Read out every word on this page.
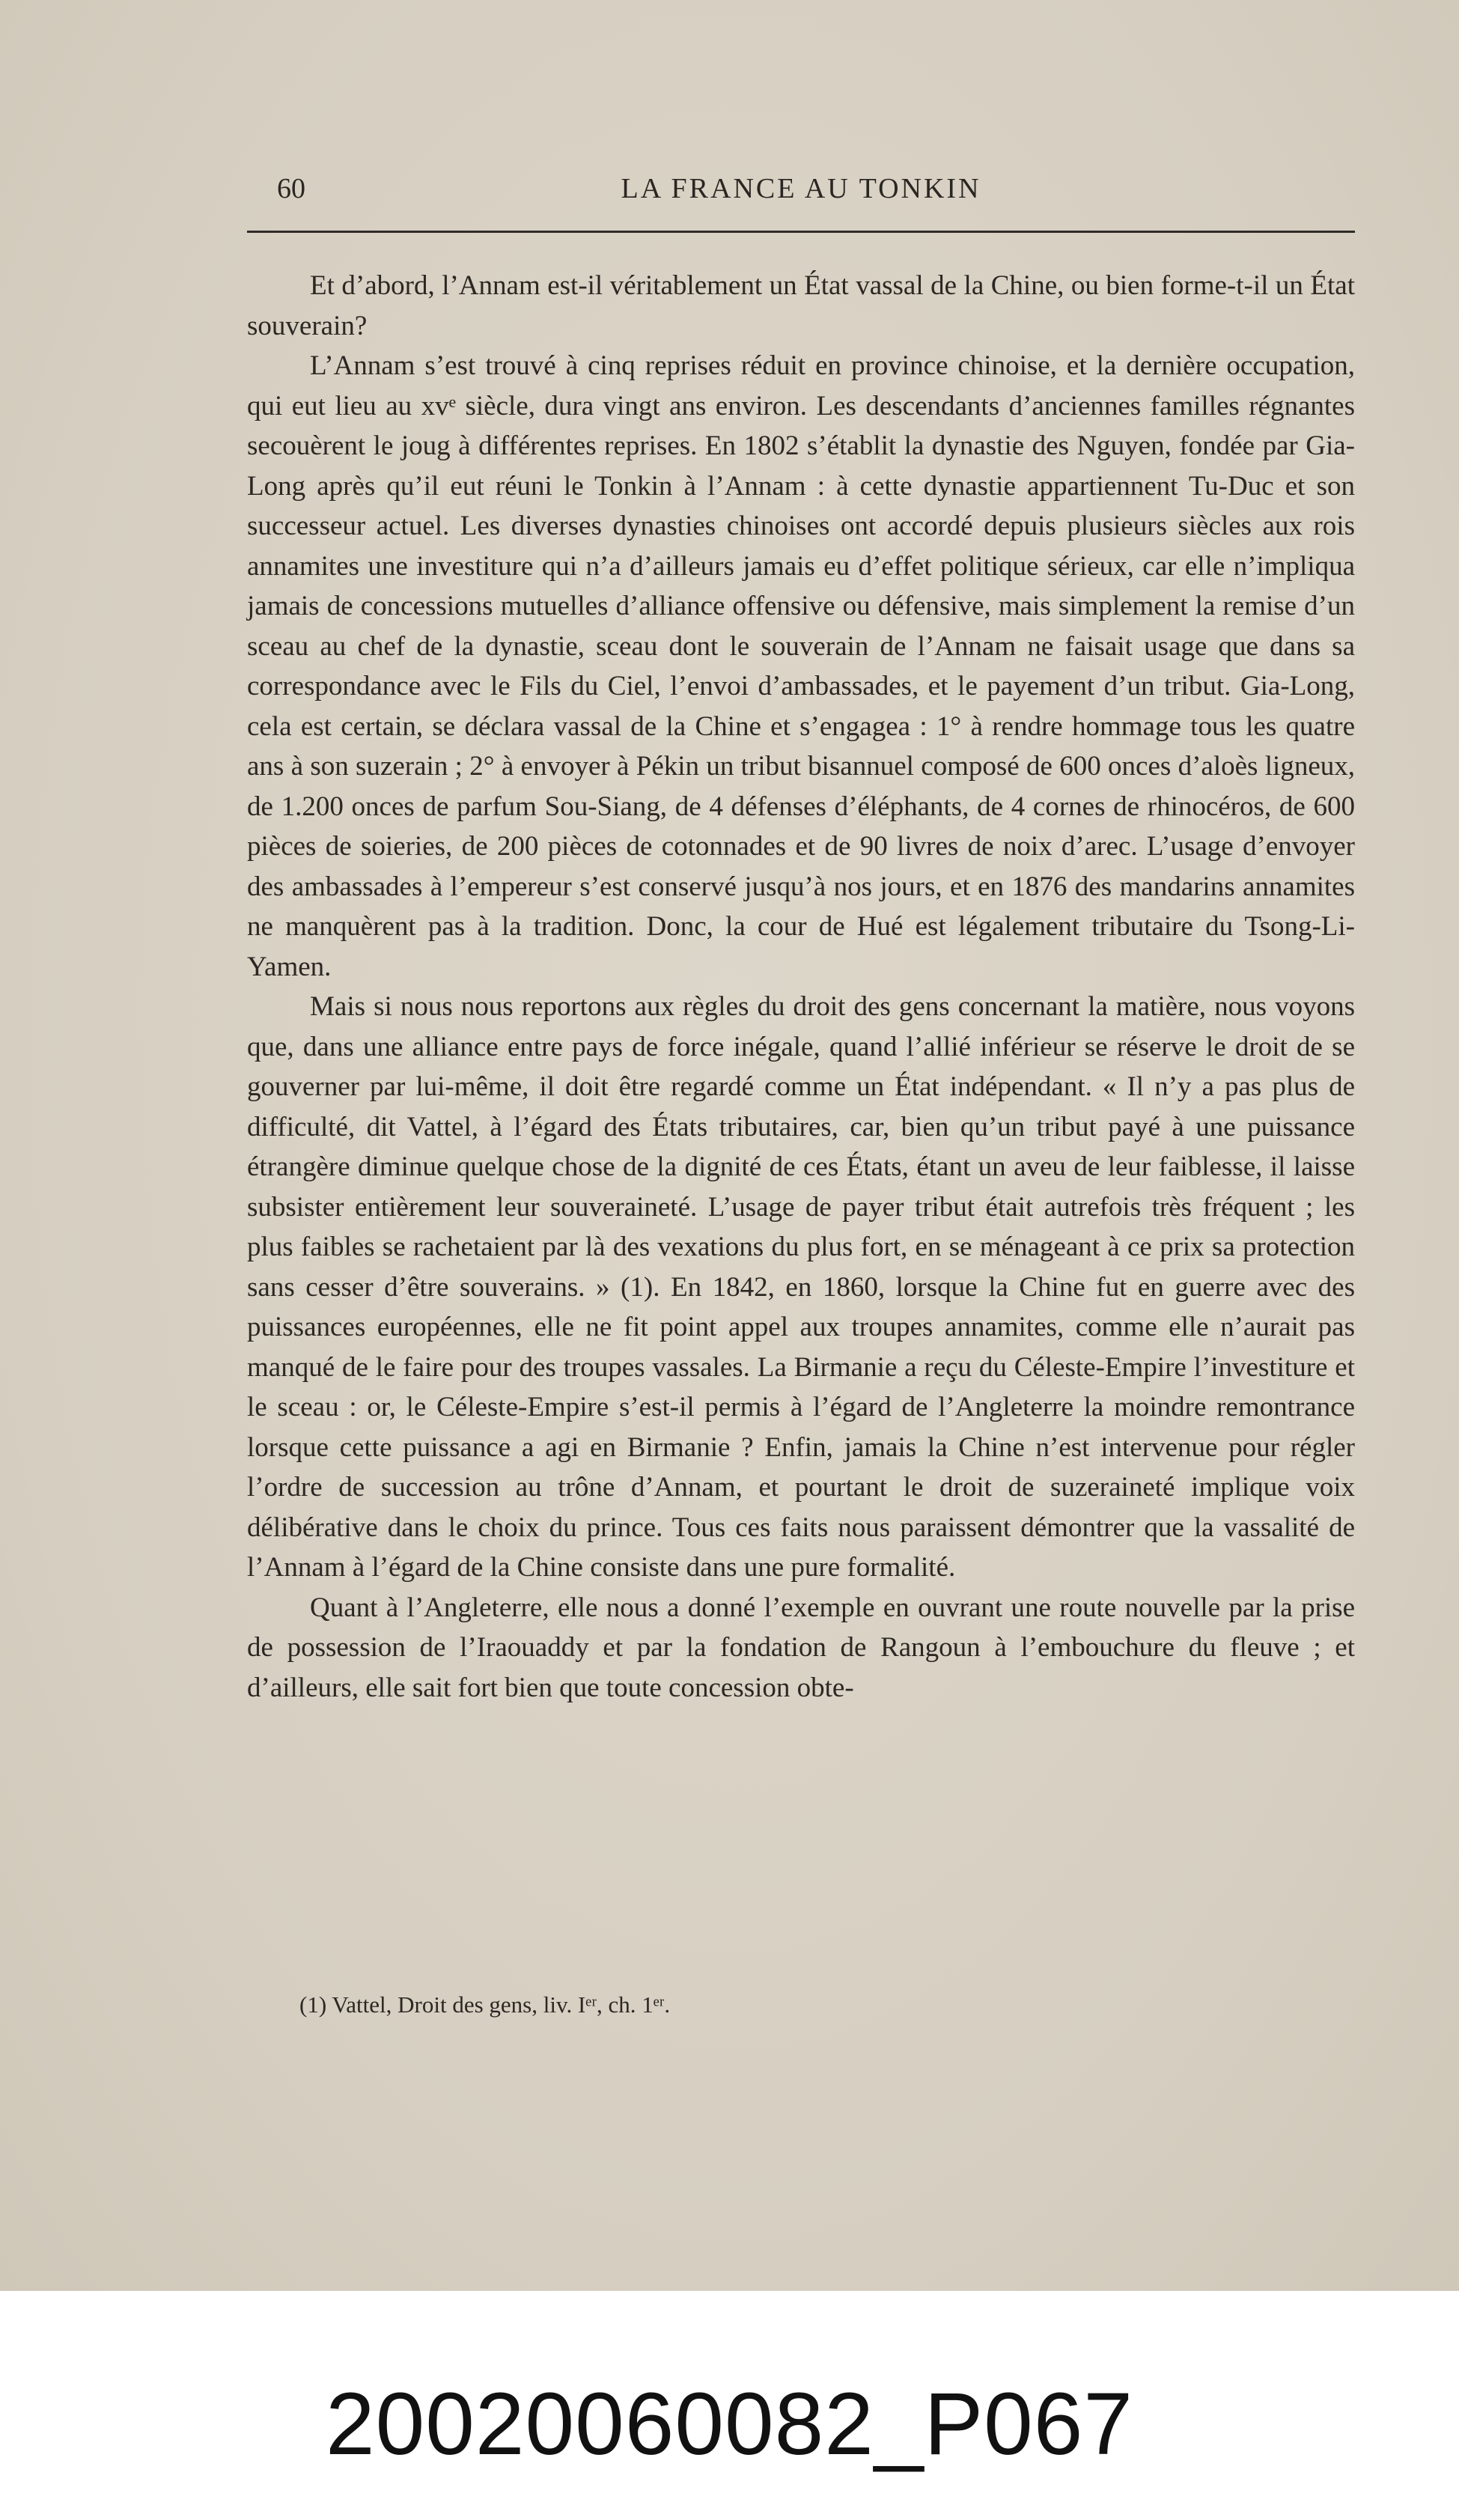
60	LA FRANCE AU TONKIN

Et d’abord, l’Annam est-il véritablement un État vassal de la Chine, ou bien forme-t-il un État souverain?

L’Annam s’est trouvé à cinq reprises réduit en province chinoise, et la dernière occupation, qui eut lieu au xvᵉ siècle, dura vingt ans environ. Les descendants d’anciennes familles régnantes secouèrent le joug à différentes reprises. En 1802 s’établit la dynastie des Nguyen, fondée par Gia-Long après qu’il eut réuni le Tonkin à l’Annam : à cette dynastie appartiennent Tu-Duc et son successeur actuel. Les diverses dynasties chinoises ont accordé depuis plusieurs siècles aux rois annamites une investiture qui n’a d’ailleurs jamais eu d’effet politique sérieux, car elle n’impliqua jamais de concessions mutuelles d’alliance offensive ou défensive, mais simplement la remise d’un sceau au chef de la dynastie, sceau dont le souverain de l’Annam ne faisait usage que dans sa correspondance avec le Fils du Ciel, l’envoi d’ambassades, et le payement d’un tribut. Gia-Long, cela est certain, se déclara vassal de la Chine et s’engagea : 1° à rendre hommage tous les quatre ans à son suzerain ; 2° à envoyer à Pékin un tribut bisannuel composé de 600 onces d’aloès ligneux, de 1.200 onces de parfum Sou-Siang, de 4 défenses d’éléphants, de 4 cornes de rhinocéros, de 600 pièces de soieries, de 200 pièces de cotonnades et de 90 livres de noix d’arec. L’usage d’envoyer des ambassades à l’empereur s’est conservé jusqu’à nos jours, et en 1876 des mandarins annamites ne manquèrent pas à la tradition. Donc, la cour de Hué est légalement tributaire du Tsong-Li-Yamen.

Mais si nous nous reportons aux règles du droit des gens concernant la matière, nous voyons que, dans une alliance entre pays de force inégale, quand l’allié inférieur se réserve le droit de se gouverner par lui-même, il doit être regardé comme un État indépendant. « Il n’y a pas plus de difficulté, dit Vattel, à l’égard des États tributaires, car, bien qu’un tribut payé à une puissance étrangère diminue quelque chose de la dignité de ces États, étant un aveu de leur faiblesse, il laisse subsister entièrement leur souveraineté. L’usage de payer tribut était autrefois très fréquent ; les plus faibles se rachetaient par là des vexations du plus fort, en se ménageant à ce prix sa protection sans cesser d’être souverains. » (1). En 1842, en 1860, lorsque la Chine fut en guerre avec des puissances européennes, elle ne fit point appel aux troupes annamites, comme elle n’aurait pas manqué de le faire pour des troupes vassales. La Birmanie a reçu du Céleste-Empire l’investiture et le sceau : or, le Céleste-Empire s’est-il permis à l’égard de l’Angleterre la moindre remontrance lorsque cette puissance a agi en Birmanie ? Enfin, jamais la Chine n’est intervenue pour régler l’ordre de succession au trône d’Annam, et pourtant le droit de suzeraineté implique voix délibérative dans le choix du prince. Tous ces faits nous paraissent démontrer que la vassalité de l’Annam à l’égard de la Chine consiste dans une pure formalité.

Quant à l’Angleterre, elle nous a donné l’exemple en ouvrant une route nouvelle par la prise de possession de l’Iraouaddy et par la fondation de Rangoun à l’embouchure du fleuve ; et d’ailleurs, elle sait fort bien que toute concession obte-

(1) Vattel, Droit des gens, liv. Iᵉʳ, ch. 1ᵉʳ.
20020060082_P067
